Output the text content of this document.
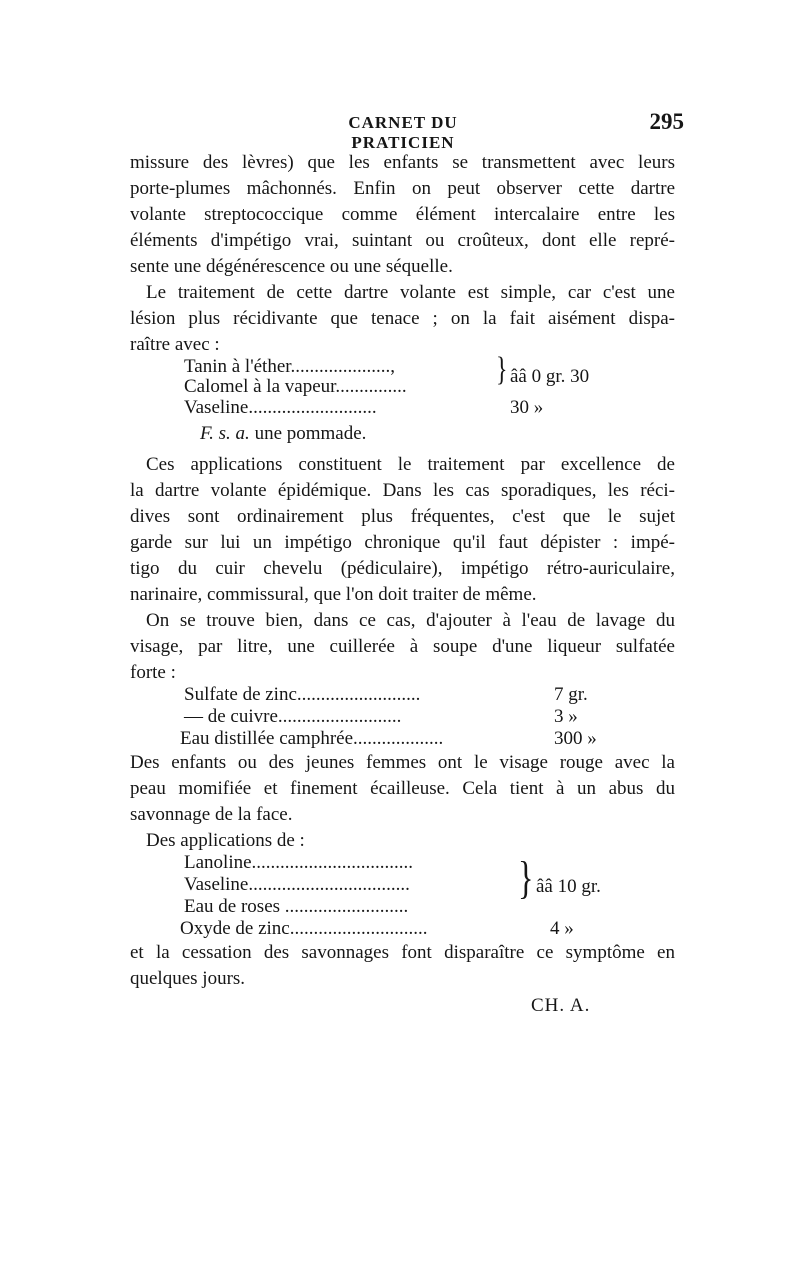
CARNET DU PRATICIEN
295
missure des lèvres) que les enfants se transmettent avec leurs
porte-plumes mâchonnés. Enfin on peut observer cette dartre
volante streptococcique comme élément intercalaire entre les
éléments d'impétigo vrai, suintant ou croûteux, dont elle repré-
sente une dégénérescence ou une séquelle.
Le traitement de cette dartre volante est simple, car c'est une
lésion plus récidivante que tenace ; on la fait aisément dispa-
raître avec :
Tanin à l'éther.....................,
Calomel à la vapeur...............	} ââ 0 gr. 30
Vaseline...........................	30 »
F. s. a. une pommade.
Ces applications constituent le traitement par excellence de
la dartre volante épidémique. Dans les cas sporadiques, les réci-
dives sont ordinairement plus fréquentes, c'est que le sujet
garde sur lui un impétigo chronique qu'il faut dépister : impé-
tigo du cuir chevelu (pédiculaire), impétigo rétro-auriculaire,
narinaire, commissural, que l'on doit traiter de même.
On se trouve bien, dans ce cas, d'ajouter à l'eau de lavage du
visage, par litre, une cuillerée à soupe d'une liqueur sulfatée
forte :
Sulfate de zinc..........................	7 gr.
— de cuivre..........................	3 »
Eau distillée camphrée...................	300 »
Des enfants ou des jeunes femmes ont le visage rouge avec la
peau momifiée et finement écailleuse. Cela tient à un abus du
savonnage de la face.
Des applications de :
Lanoline..................................
Vaseline..................................
Eau de roses ..........................
} ââ 10 gr.
Oxyde de zinc.............................	4 »
et la cessation des savonnages font disparaître ce symptôme en
quelques jours.
CH. A.
